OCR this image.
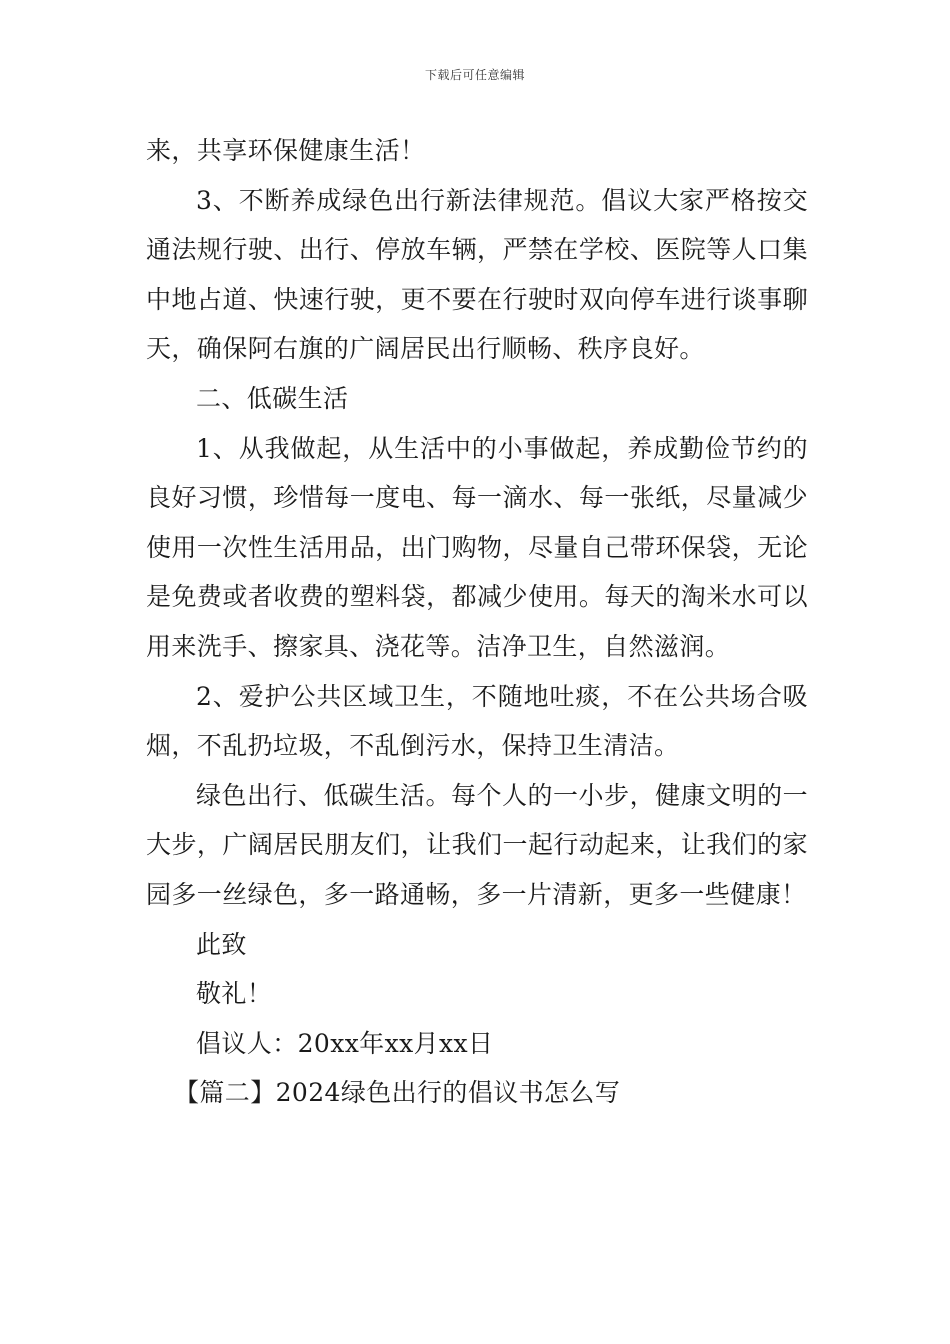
下载后可任意编辑

来，共享环保健康生活！

3、不断养成绿色出行新法律规范。倡议大家严格按交通法规行驶、出行、停放车辆，严禁在学校、医院等人口集中地占道、快速行驶，更不要在行驶时双向停车进行谈事聊天，确保阿右旗的广阔居民出行顺畅、秩序良好。

二、低碳生活

1、从我做起，从生活中的小事做起，养成勤俭节约的良好习惯，珍惜每一度电、每一滴水、每一张纸，尽量减少使用一次性生活用品，出门购物，尽量自己带环保袋，无论是免费或者收费的塑料袋，都减少使用。每天的淘米水可以用来洗手、擦家具、浇花等。洁净卫生，自然滋润。

2、爱护公共区域卫生，不随地吐痰，不在公共场合吸烟，不乱扔垃圾，不乱倒污水，保持卫生清洁。

绿色出行、低碳生活。每个人的一小步，健康文明的一大步，广阔居民朋友们，让我们一起行动起来，让我们的家园多一丝绿色，多一路通畅，多一片清新，更多一些健康！

此致

敬礼！

倡议人：20xx年xx月xx日

【篇二】2024绿色出行的倡议书怎么写
